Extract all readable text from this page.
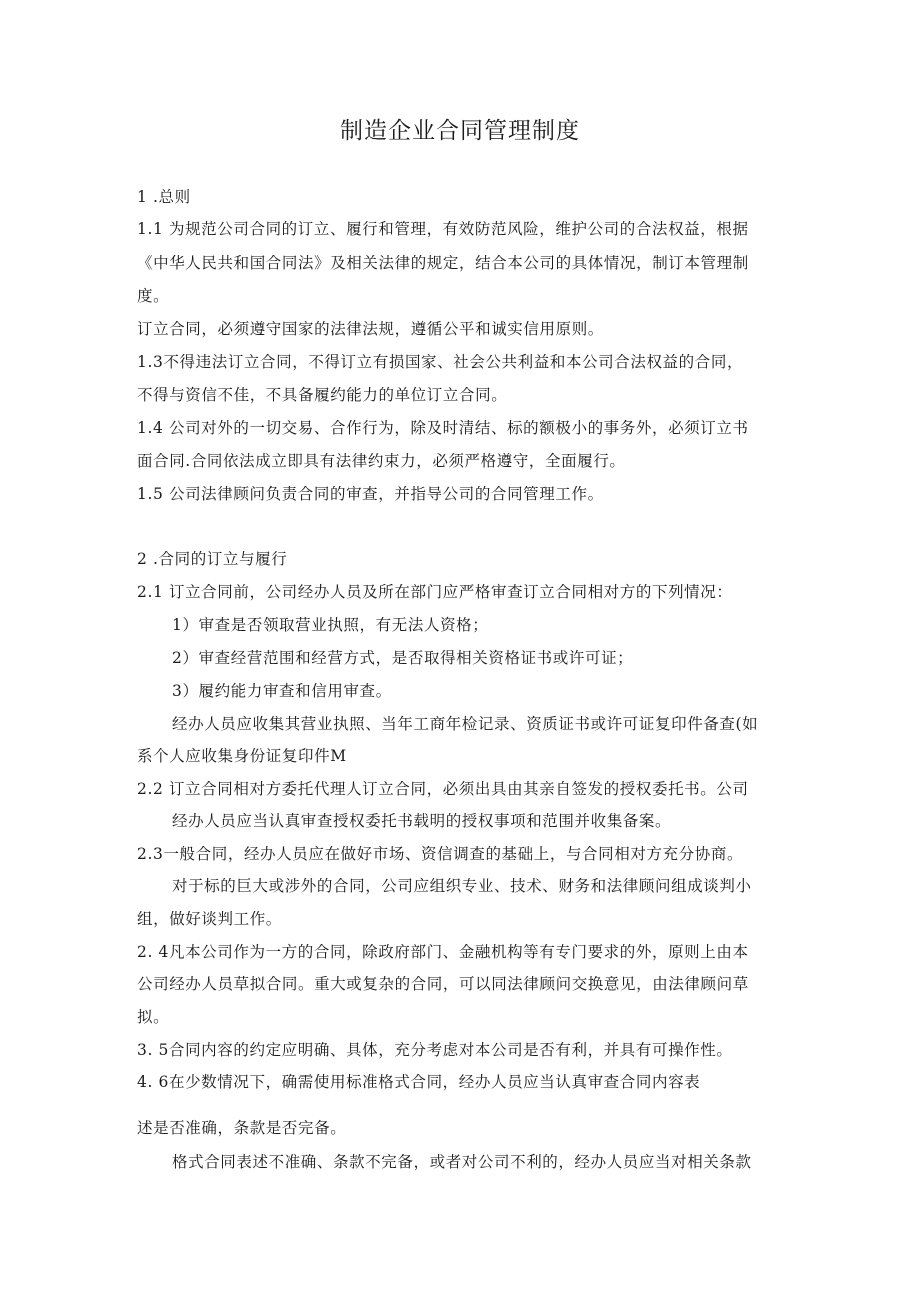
制造企业合同管理制度
1 .总则
1.1 为规范公司合同的订立、履行和管理，有效防范风险，维护公司的合法权益，根据
《中华人民共和国合同法》及相关法律的规定，结合本公司的具体情况，制订本管理制
度。
订立合同，必须遵守国家的法律法规，遵循公平和诚实信用原则。
1.3不得违法订立合同，不得订立有损国家、社会公共利益和本公司合法权益的合同，
不得与资信不佳，不具备履约能力的单位订立合同。
1.4 公司对外的一切交易、合作行为，除及时清结、标的额极小的事务外，必须订立书
面合同.合同依法成立即具有法律约束力，必须严格遵守，全面履行。
1.5 公司法律顾问负责合同的审查，并指导公司的合同管理工作。
2 .合同的订立与履行
2.1 订立合同前，公司经办人员及所在部门应严格审查订立合同相对方的下列情况：
1）审查是否领取营业执照，有无法人资格；
2）审查经营范围和经营方式，是否取得相关资格证书或许可证；
3）履约能力审查和信用审查。
经办人员应收集其营业执照、当年工商年检记录、资质证书或许可证复印件备查(如
系个人应收集身份证复印件M
2.2 订立合同相对方委托代理人订立合同，必须出具由其亲自签发的授权委托书。公司
经办人员应当认真审查授权委托书载明的授权事项和范围并收集备案。
2.3一般合同，经办人员应在做好市场、资信调查的基础上，与合同相对方充分协商。
对于标的巨大或涉外的合同，公司应组织专业、技术、财务和法律顾问组成谈判小
组，做好谈判工作。
2. 4凡本公司作为一方的合同，除政府部门、金融机构等有专门要求的外，原则上由本
公司经办人员草拟合同。重大或复杂的合同，可以同法律顾问交换意见，由法律顾问草
拟。
3. 5合同内容的约定应明确、具体，充分考虑对本公司是否有利，并具有可操作性。
4. 6在少数情况下，确需使用标准格式合同，经办人员应当认真审查合同内容表
述是否准确，条款是否完备。
格式合同表述不准确、条款不完备，或者对公司不利的，经办人员应当对相关条款
